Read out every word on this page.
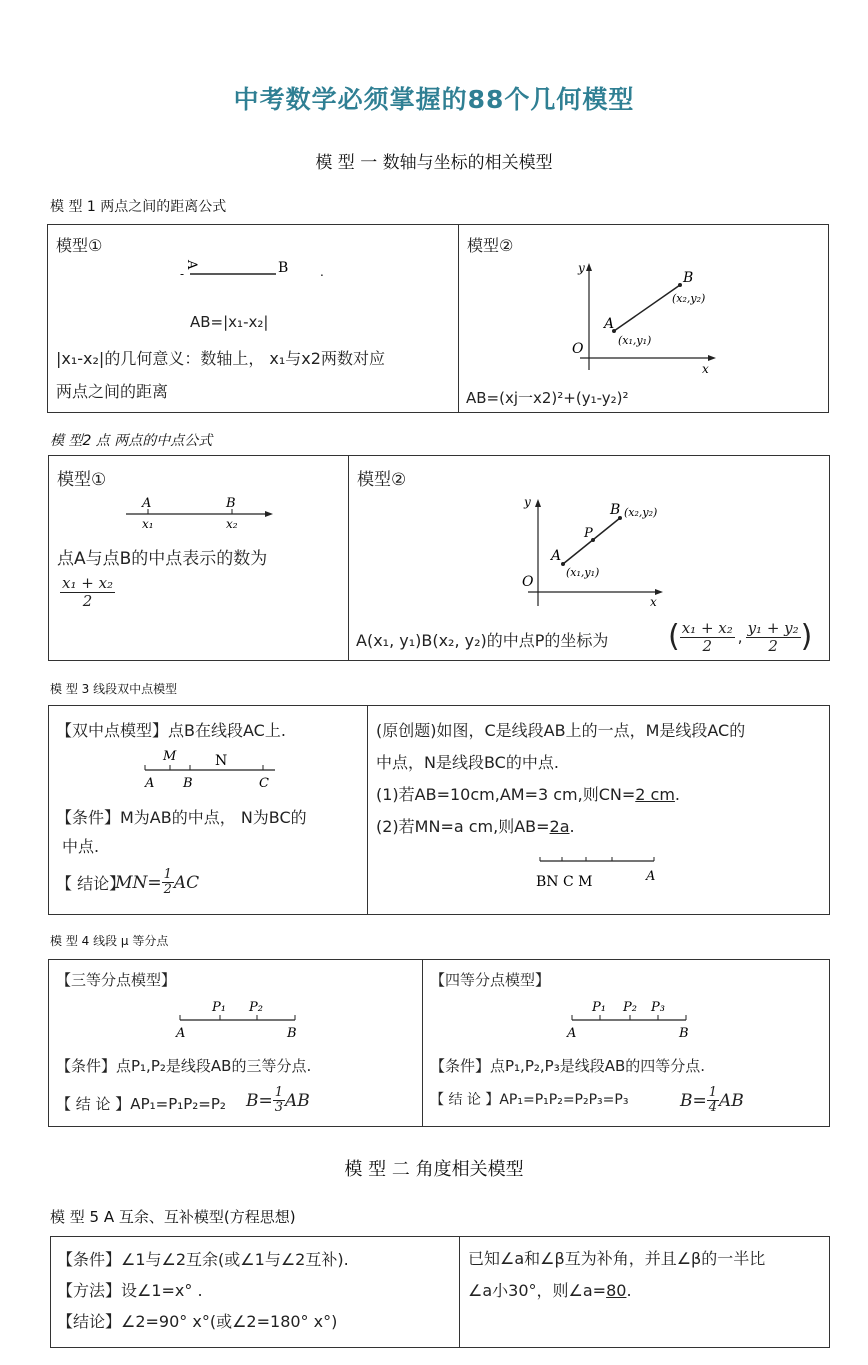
中考数学必须掌握的88个几何模型
模 型 一 数轴与坐标的相关模型
模 型 1 两点之间的距离公式
模型①
A	B
-	.
AB=|x₁-x₂|
|x₁-x₂|的几何意义：数轴上， x₁与x2两数对应
两点之间的距离
模型②
y
x
O
A
(x₁,y₁)
B
(x₂,y₂)
AB=(xj一x2)²+(y₁-y₂)²
模 型2 点 两点的中点公式
模型①
A	B
x₁	x₂
点A与点B的中点表示的数为
$\frac{\text{x₁ + x₂}}{2}$
模型②
y
x
O
A
(x₁,y₁)
P
B (x₂,y₂)
A(x₁, y₁)B(x₂, y₂)的中点P的坐标为 ( $\frac{\text{x₁ + x₂}}{2}$ , $\frac{\text{y₁ + y₂}}{2}$ )
模 型 3 线段双中点模型
【双中点模型】点B在线段AC上.
M	N
A B	C
【条件】M为AB的中点， N为BC的
中点.
【 结论】
$MN= \frac{1}{2}$ AC
(原创题)如图，C是线段AB上的一点，M是线段AC的
中点，N是线段BC的中点.
(1)若AB=10cm,AM=3 cm,则CN=2 cm.
(2)若MN=a cm,则AB=2a.
BN C M	A
模 型 4 线段 μ 等分点
【三等分点模型】
P₁ P₂
A	B
【条件】点P₁,P₂是线段AB的三等分点.
【 结 论 】AP₁=P₁P₂=P₂ $B= \frac{1}{3}$ AB
【四等分点模型】
P₁ P₂ P₃
A	B
【条件】点P₁,P₂,P₃是线段AB的四等分点.
【 结 论 】AP₁=P₁P₂=P₂P₃=P₃	$B= \frac{1}{4}$ AB
模 型 二 角度相关模型
模 型 5 A 互余、互补模型(方程思想)
【条件】∠1与∠2互余(或∠1与∠2互补).
【方法】设∠1=x° .
【结论】∠2=90° x°(或∠2=180° x°)
已知∠a和∠β互为补角，并且∠β的一半比
∠a小30°，则∠a=80.
